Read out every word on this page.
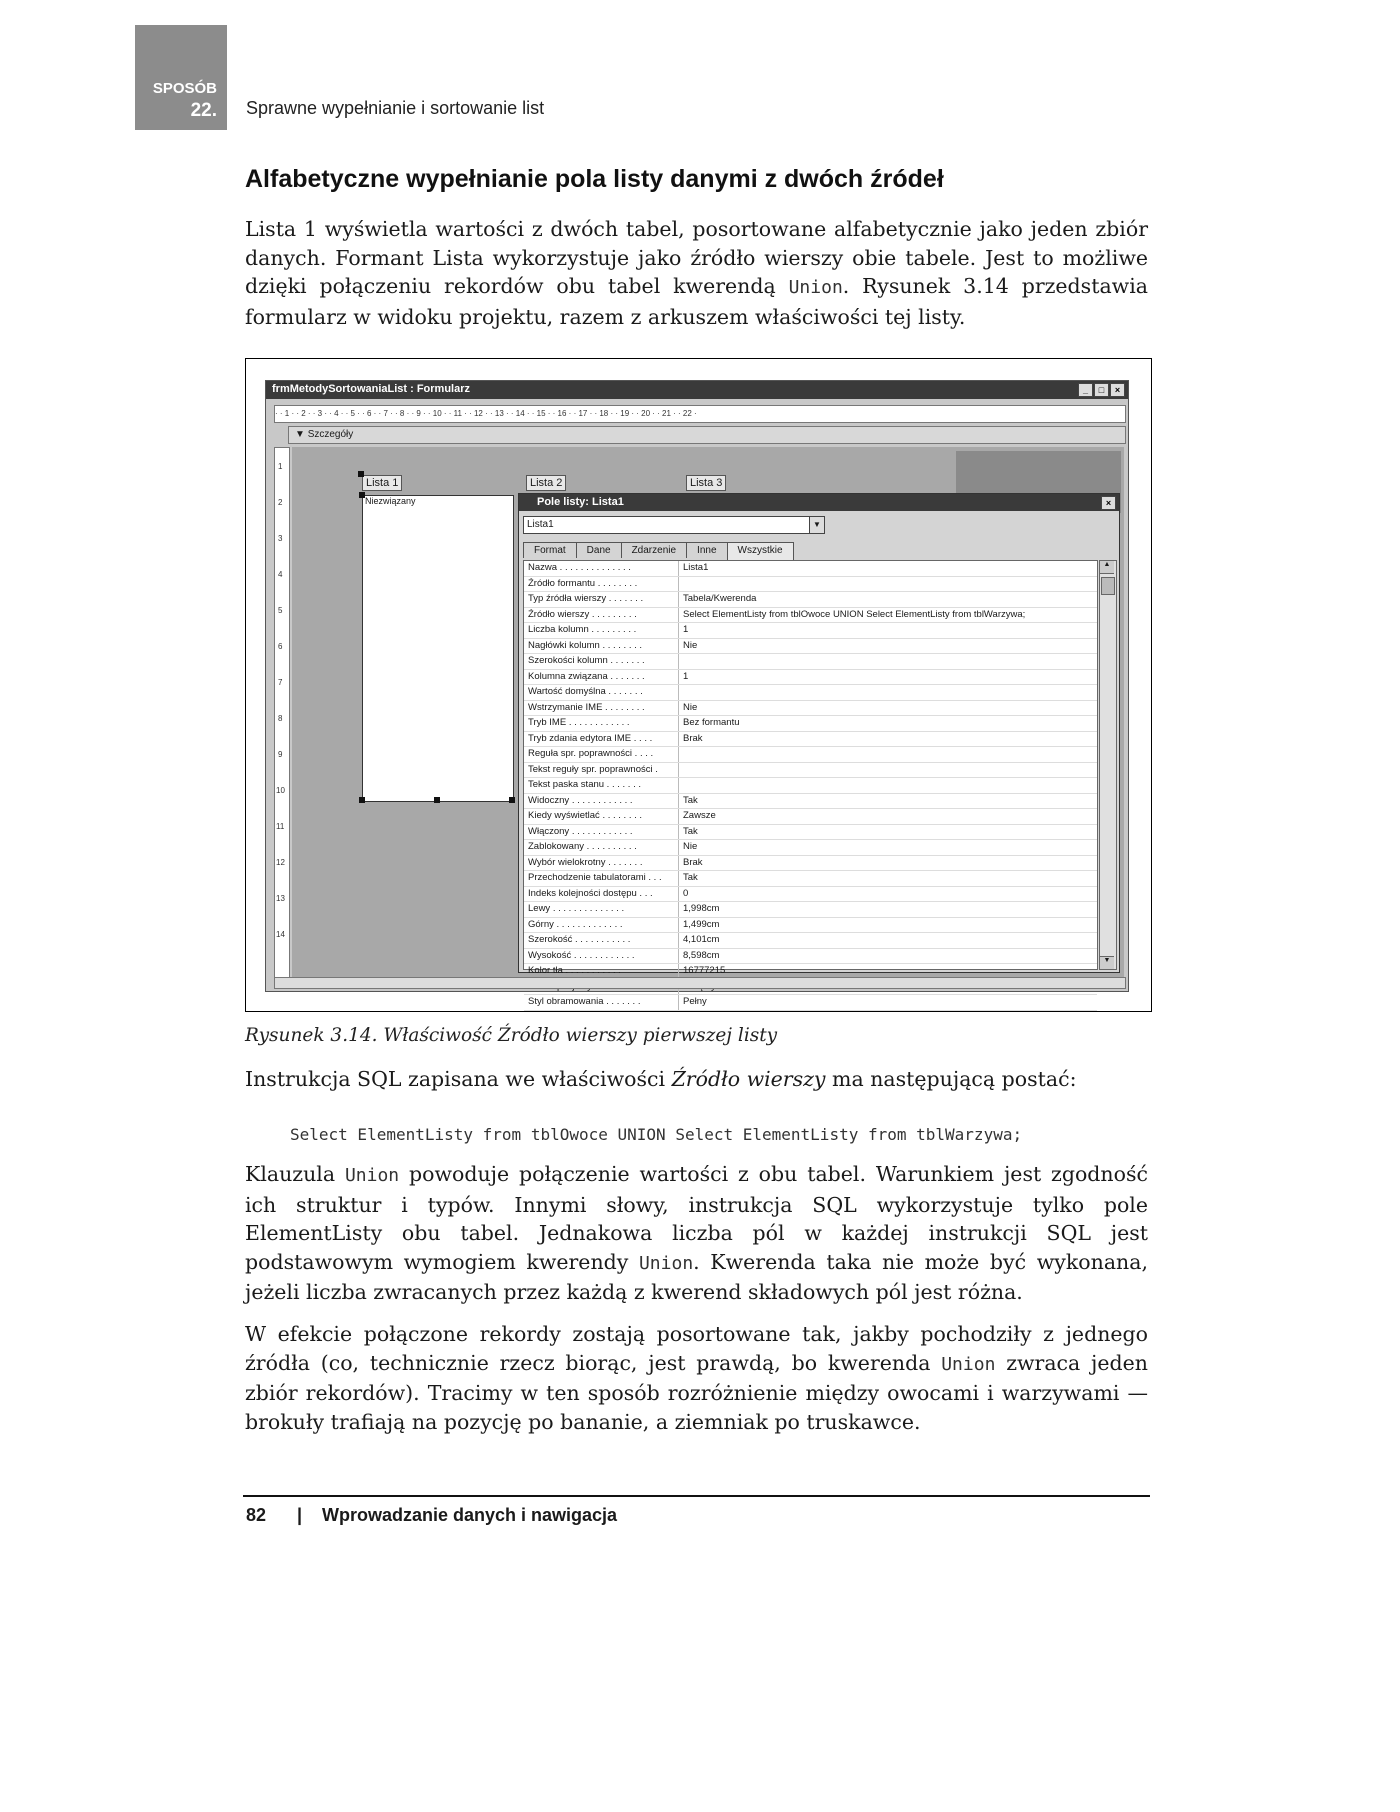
SPOSÓB
22. Sprawne wypełnianie i sortowanie list
Alfabetyczne wypełnianie pola listy danymi z dwóch źródeł
Lista 1 wyświetla wartości z dwóch tabel, posortowane alfabetycznie jako jeden zbiór danych. Formant Lista wykorzystuje jako źródło wierszy obie tabele. Jest to możliwe dzięki połączeniu rekordów obu tabel kwerendą Union. Rysunek 3.14 przedstawia formularz w widoku projektu, razem z arkuszem właściwości tej listy.
frmMetodySortowaniaList : Formularz	_	□	×
· · 1 · · 2 · · 3 · · 4 · · 5 · · 6 · · 7 · · 8 · · 9 · · 10 · · 11 · · 12 · · 13 · · 14 · · 15 · · 16 · · 17 · · 18 · · 19 · · 20 · · 21 · · 22 ·
▼ Szczegóły
1
2
3
4
5
6
7
8
9
10
11
12
13
14
Lista 1	Lista 2	Lista 3
Niezwiązany	Pole listy: Lista1	×
Lista1	▼
Format Dane Zdarzenie Inne Wszystkie
Nazwa . . . . . . . . . . . . . .	Lista1
Źródło formantu . . . . . . . .
Typ źródła wierszy . . . . . . .	Tabela/Kwerenda
Źródło wierszy . . . . . . . . .	Select ElementListy from tblOwoce UNION Select ElementListy from tblWarzywa;
Liczba kolumn . . . . . . . . .	1
Nagłówki kolumn . . . . . . . .	Nie
Szerokości kolumn . . . . . . .
Kolumna związana . . . . . . .	1
Wartość domyślna . . . . . . .
Wstrzymanie IME . . . . . . . .	Nie
Tryb IME . . . . . . . . . . . .	Bez formantu
Tryb zdania edytora IME . . . .	Brak
Reguła spr. poprawności . . . .
Tekst reguły spr. poprawności .
Tekst paska stanu . . . . . . .
Widoczny . . . . . . . . . . . .	Tak
Kiedy wyświetlać . . . . . . . .	Zawsze
Włączony . . . . . . . . . . . .	Tak
Zablokowany . . . . . . . . . .	Nie
Wybór wielokrotny . . . . . . .	Brak
Przechodzenie tabulatorami . . . Tak
Indeks kolejności dostępu . . .	0
Lewy . . . . . . . . . . . . . .	1,998cm
Górny . . . . . . . . . . . . .	1,499cm
Szerokość . . . . . . . . . . .	4,101cm
Wysokość . . . . . . . . . . . .	8,598cm
Kolor tła . . . . . . . . . . .	16777215
Styl obramowania . . . . . . .	Pełny
▲
▼
Rysunek 3.14. Właściwość Źródło wierszy pierwszej listy
Instrukcja SQL zapisana we właściwości Źródło wierszy ma następującą postać:
Select ElementListy from tblOwoce UNION Select ElementListy from tblWarzywa;
Klauzula Union powoduje połączenie wartości z obu tabel. Warunkiem jest zgodność ich struktur i typów. Innymi słowy, instrukcja SQL wykorzystuje tylko pole ElementListy obu tabel. Jednakowa liczba pól w każdej instrukcji SQL jest podstawowym wymogiem kwerendy Union. Kwerenda taka nie może być wykonana, jeżeli liczba zwracanych przez każdą z kwerend składowych pól jest różna.
W efekcie połączone rekordy zostają posortowane tak, jakby pochodziły z jednego źródła (co, technicznie rzecz biorąc, jest prawdą, bo kwerenda Union zwraca jeden zbiór rekordów). Tracimy w ten sposób rozróżnienie między owocami i warzywami — brokuły trafiają na pozycję po bananie, a ziemniak po truskawce.
82 | Wprowadzanie danych i nawigacja
